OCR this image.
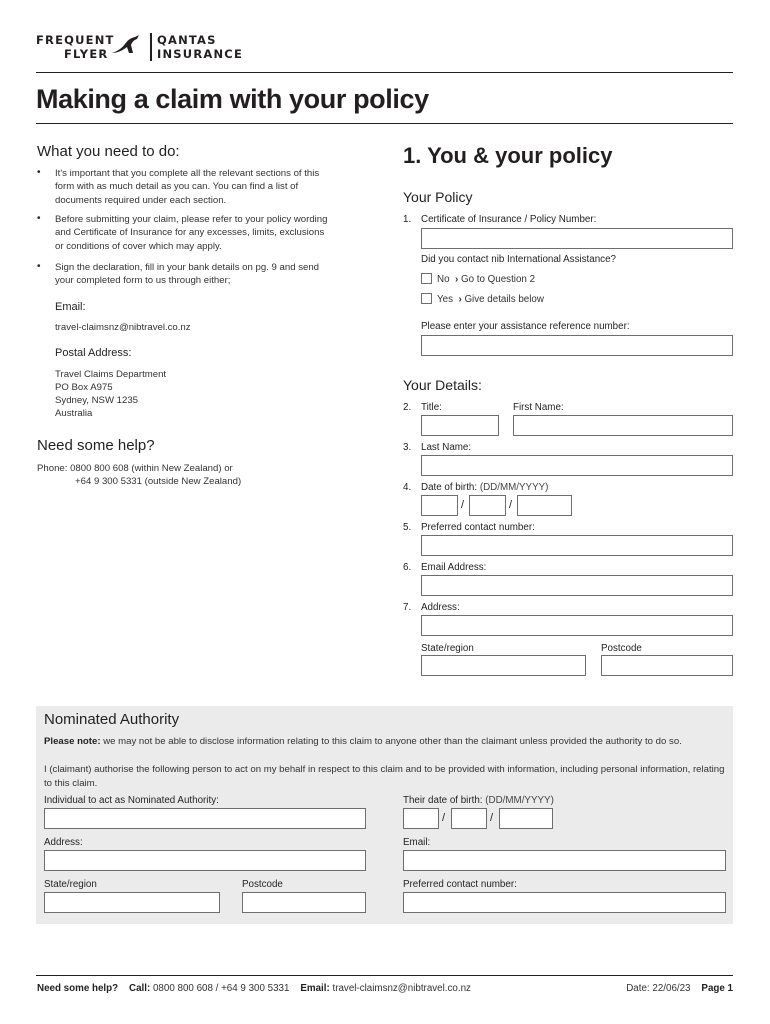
FREQUENT
FLYER
QANTAS
INSURANCE
Making a claim with your policy
What you need to do:
• It's important that you complete all the relevant sections of this form with as much detail as you can. You can find a list of documents required under each section.
• Before submitting your claim, please refer to your policy wording and Certificate of Insurance for any excesses, limits, exclusions or conditions of cover which may apply.
• Sign the declaration, fill in your bank details on pg. 9 and send your completed form to us through either;
Email:
travel-claimsnz@nibtravel.co.nz
Postal Address:
Travel Claims Department
PO Box A975
Sydney, NSW 1235
Australia
Need some help?
Phone: 0800 800 608 (within New Zealand) or
+64 9 300 5331 (outside New Zealand)
1. You & your policy
Your Policy
1. Certificate of Insurance / Policy Number:
Did you contact nib International Assistance?
No › Go to Question 2
Yes › Give details below
Please enter your assistance reference number:
Your Details:
2. Title:	First Name:
3. Last Name:
4. Date of birth: (DD/MM/YYYY)
/	/
5. Preferred contact number:
6. Email Address:
7. Address:
State/region	Postcode
Nominated Authority
Please note: we may not be able to disclose information relating to this claim to anyone other than the claimant unless provided the authority to do so.
I (claimant) authorise the following person to act on my behalf in respect to this claim and to be provided with information, including personal information, relating to this claim.
Individual to act as Nominated Authority:	Their date of birth: (DD/MM/YYYY)
/	/
Address:	Email:
State/region	Postcode	Preferred contact number:
Need some help? Call: 0800 800 608 / +64 9 300 5331 Email: travel-claimsnz@nibtravel.co.nz	Date: 22/06/23 Page 1
